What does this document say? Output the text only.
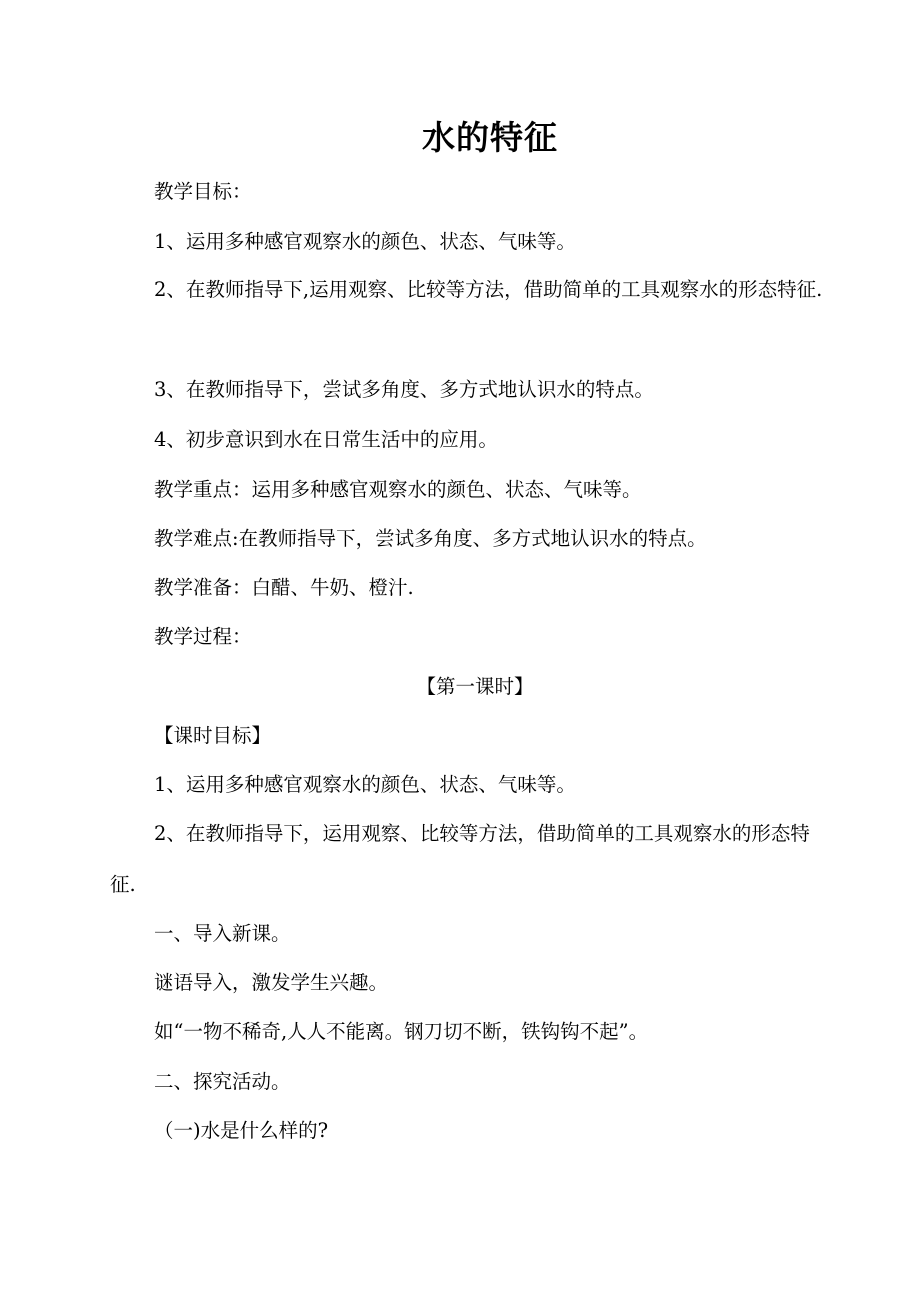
水的特征
教学目标：
1、运用多种感官观察水的颜色、状态、气味等。
2、在教师指导下,运用观察、比较等方法，借助简单的工具观察水的形态特征.
3、在教师指导下，尝试多角度、多方式地认识水的特点。
4、初步意识到水在日常生活中的应用。
教学重点：运用多种感官观察水的颜色、状态、气味等。
教学难点:在教师指导下，尝试多角度、多方式地认识水的特点。
教学准备：白醋、牛奶、橙汁.
教学过程：
【第一课时】
【课时目标】
1、运用多种感官观察水的颜色、状态、气味等。
2、在教师指导下，运用观察、比较等方法，借助简单的工具观察水的形态特征.
一、导入新课。
谜语导入，激发学生兴趣。
如“一物不稀奇,人人不能离。钢刀切不断，铁钩钩不起”。
二、探究活动。
（一)水是什么样的?
